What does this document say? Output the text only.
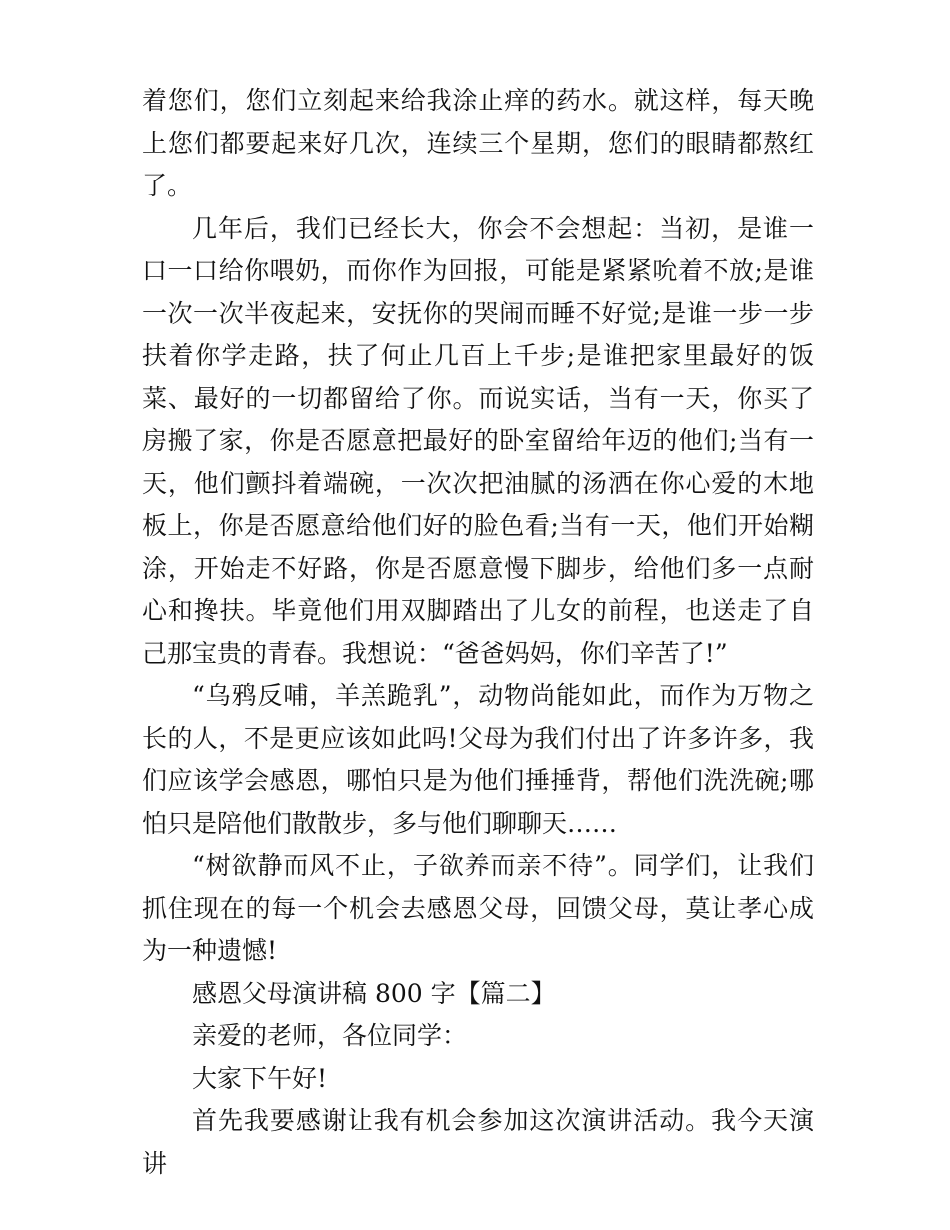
着您们，您们立刻起来给我涂止痒的药水。就这样，每天晚上您们都要起来好几次，连续三个星期，您们的眼睛都熬红了。

几年后，我们已经长大，你会不会想起：当初，是谁一口一口给你喂奶，而你作为回报，可能是紧紧吮着不放;是谁一次一次半夜起来，安抚你的哭闹而睡不好觉;是谁一步一步扶着你学走路，扶了何止几百上千步;是谁把家里最好的饭菜、最好的一切都留给了你。而说实话，当有一天，你买了房搬了家，你是否愿意把最好的卧室留给年迈的他们;当有一天，他们颤抖着端碗，一次次把油腻的汤洒在你心爱的木地板上，你是否愿意给他们好的脸色看;当有一天，他们开始糊涂，开始走不好路，你是否愿意慢下脚步，给他们多一点耐心和搀扶。毕竟他们用双脚踏出了儿女的前程，也送走了自己那宝贵的青春。我想说：“爸爸妈妈，你们辛苦了!”

“乌鸦反哺，羊羔跪乳”，动物尚能如此，而作为万物之长的人，不是更应该如此吗!父母为我们付出了许多许多，我们应该学会感恩，哪怕只是为他们捶捶背，帮他们洗洗碗;哪怕只是陪他们散散步，多与他们聊聊天……

“树欲静而风不止，子欲养而亲不待”。同学们，让我们抓住现在的每一个机会去感恩父母，回馈父母，莫让孝心成为一种遗憾!

感恩父母演讲稿 800 字【篇二】

亲爱的老师，各位同学：

大家下午好!

首先我要感谢让我有机会参加这次演讲活动。我今天演讲
